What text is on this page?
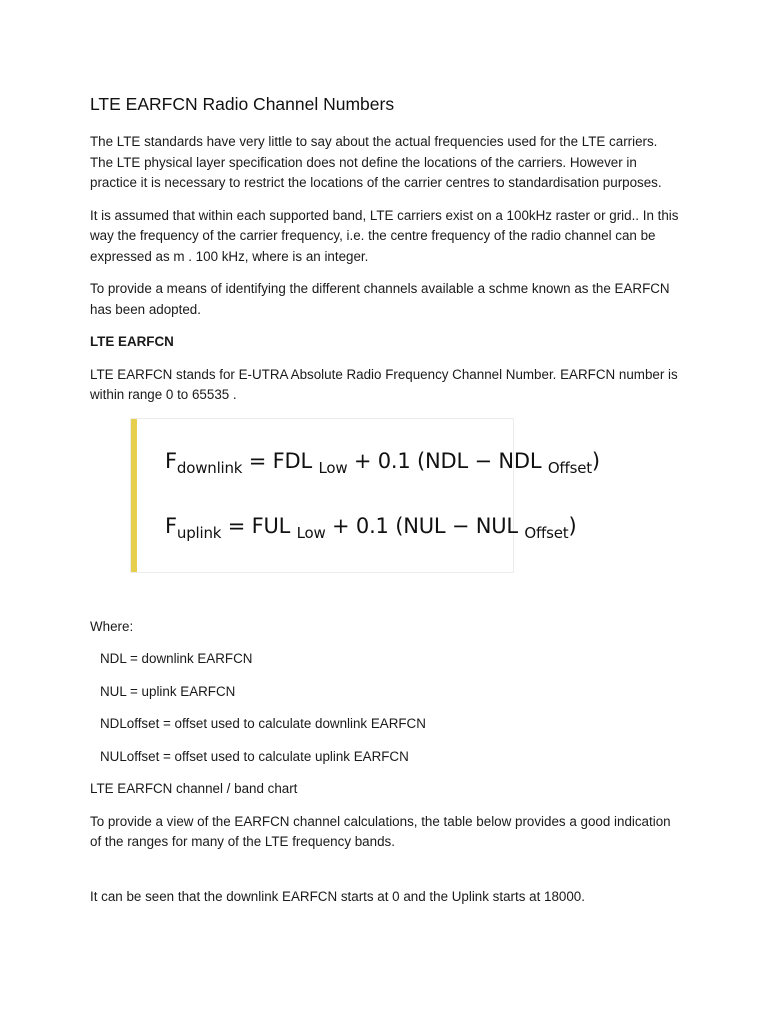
LTE EARFCN Radio Channel Numbers

The LTE standards have very little to say about the actual frequencies used for the LTE carriers. The LTE physical layer specification does not define the locations of the carriers. However in practice it is necessary to restrict the locations of the carrier centres to standardisation purposes.

It is assumed that within each supported band, LTE carriers exist on a 100kHz raster or grid.. In this way the frequency of the carrier frequency, i.e. the centre frequency of the radio channel can be expressed as m . 100 kHz, where is an integer.

To provide a means of identifying the different channels available a schme known as the EARFCN has been adopted.

LTE EARFCN

LTE EARFCN stands for E-UTRA Absolute Radio Frequency Channel Number. EARFCN number is within range 0 to 65535 .

$F_{downlink}$ = FDL $_{Low}$ + 0.1 (NDL − NDL $_{Offset}$)
$F_{uplink}$ = FUL $_{Low}$ + 0.1 (NUL − NUL $_{Offset}$)

Where:

NDL = downlink EARFCN

NUL = uplink EARFCN

NDLoffset = offset used to calculate downlink EARFCN

NULoffset = offset used to calculate uplink EARFCN

LTE EARFCN channel / band chart

To provide a view of the EARFCN channel calculations, the table below provides a good indication of the ranges for many of the LTE frequency bands.

It can be seen that the downlink EARFCN starts at 0 and the Uplink starts at 18000.
